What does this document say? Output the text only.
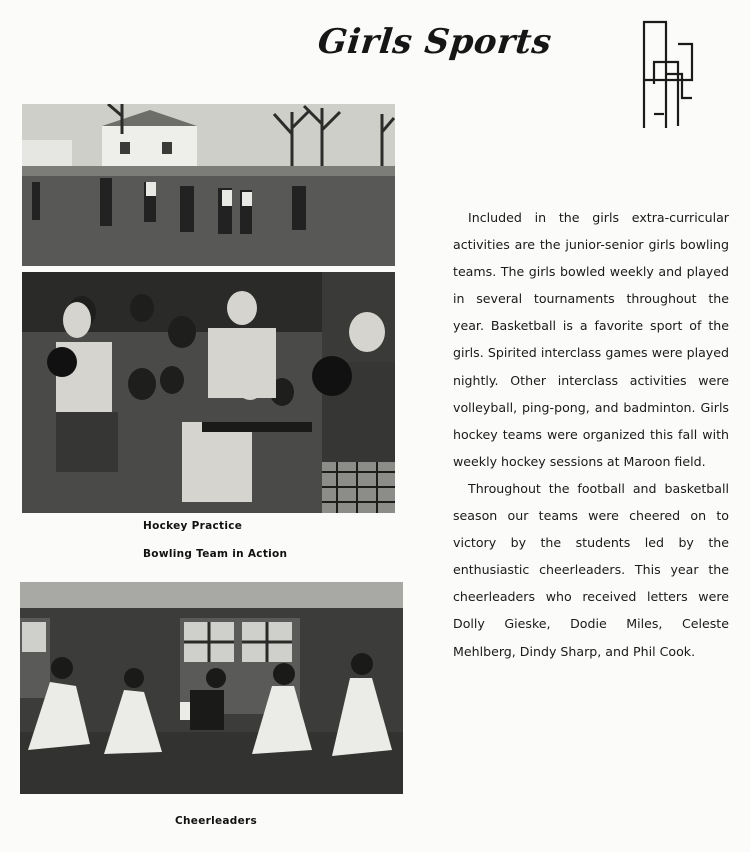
Girls Sports
Hockey Practice
Bowling Team in Action
Cheerleaders

Included in the girls extra-curricular activities are the junior-senior girls bowling teams. The girls bowled weekly and played in several tournaments throughout the year. Basketball is a favorite sport of the girls. Spirited interclass games were played nightly. Other interclass activities were volleyball, ping-pong, and badminton. Girls hockey teams were organized this fall with weekly hockey sessions at Maroon field.

Throughout the football and basketball season our teams were cheered on to victory by the students led by the enthusiastic cheerleaders. This year the cheerleaders who received letters were Dolly Gieske, Dodie Miles, Celeste Mehlberg, Dindy Sharp, and Phil Cook.
